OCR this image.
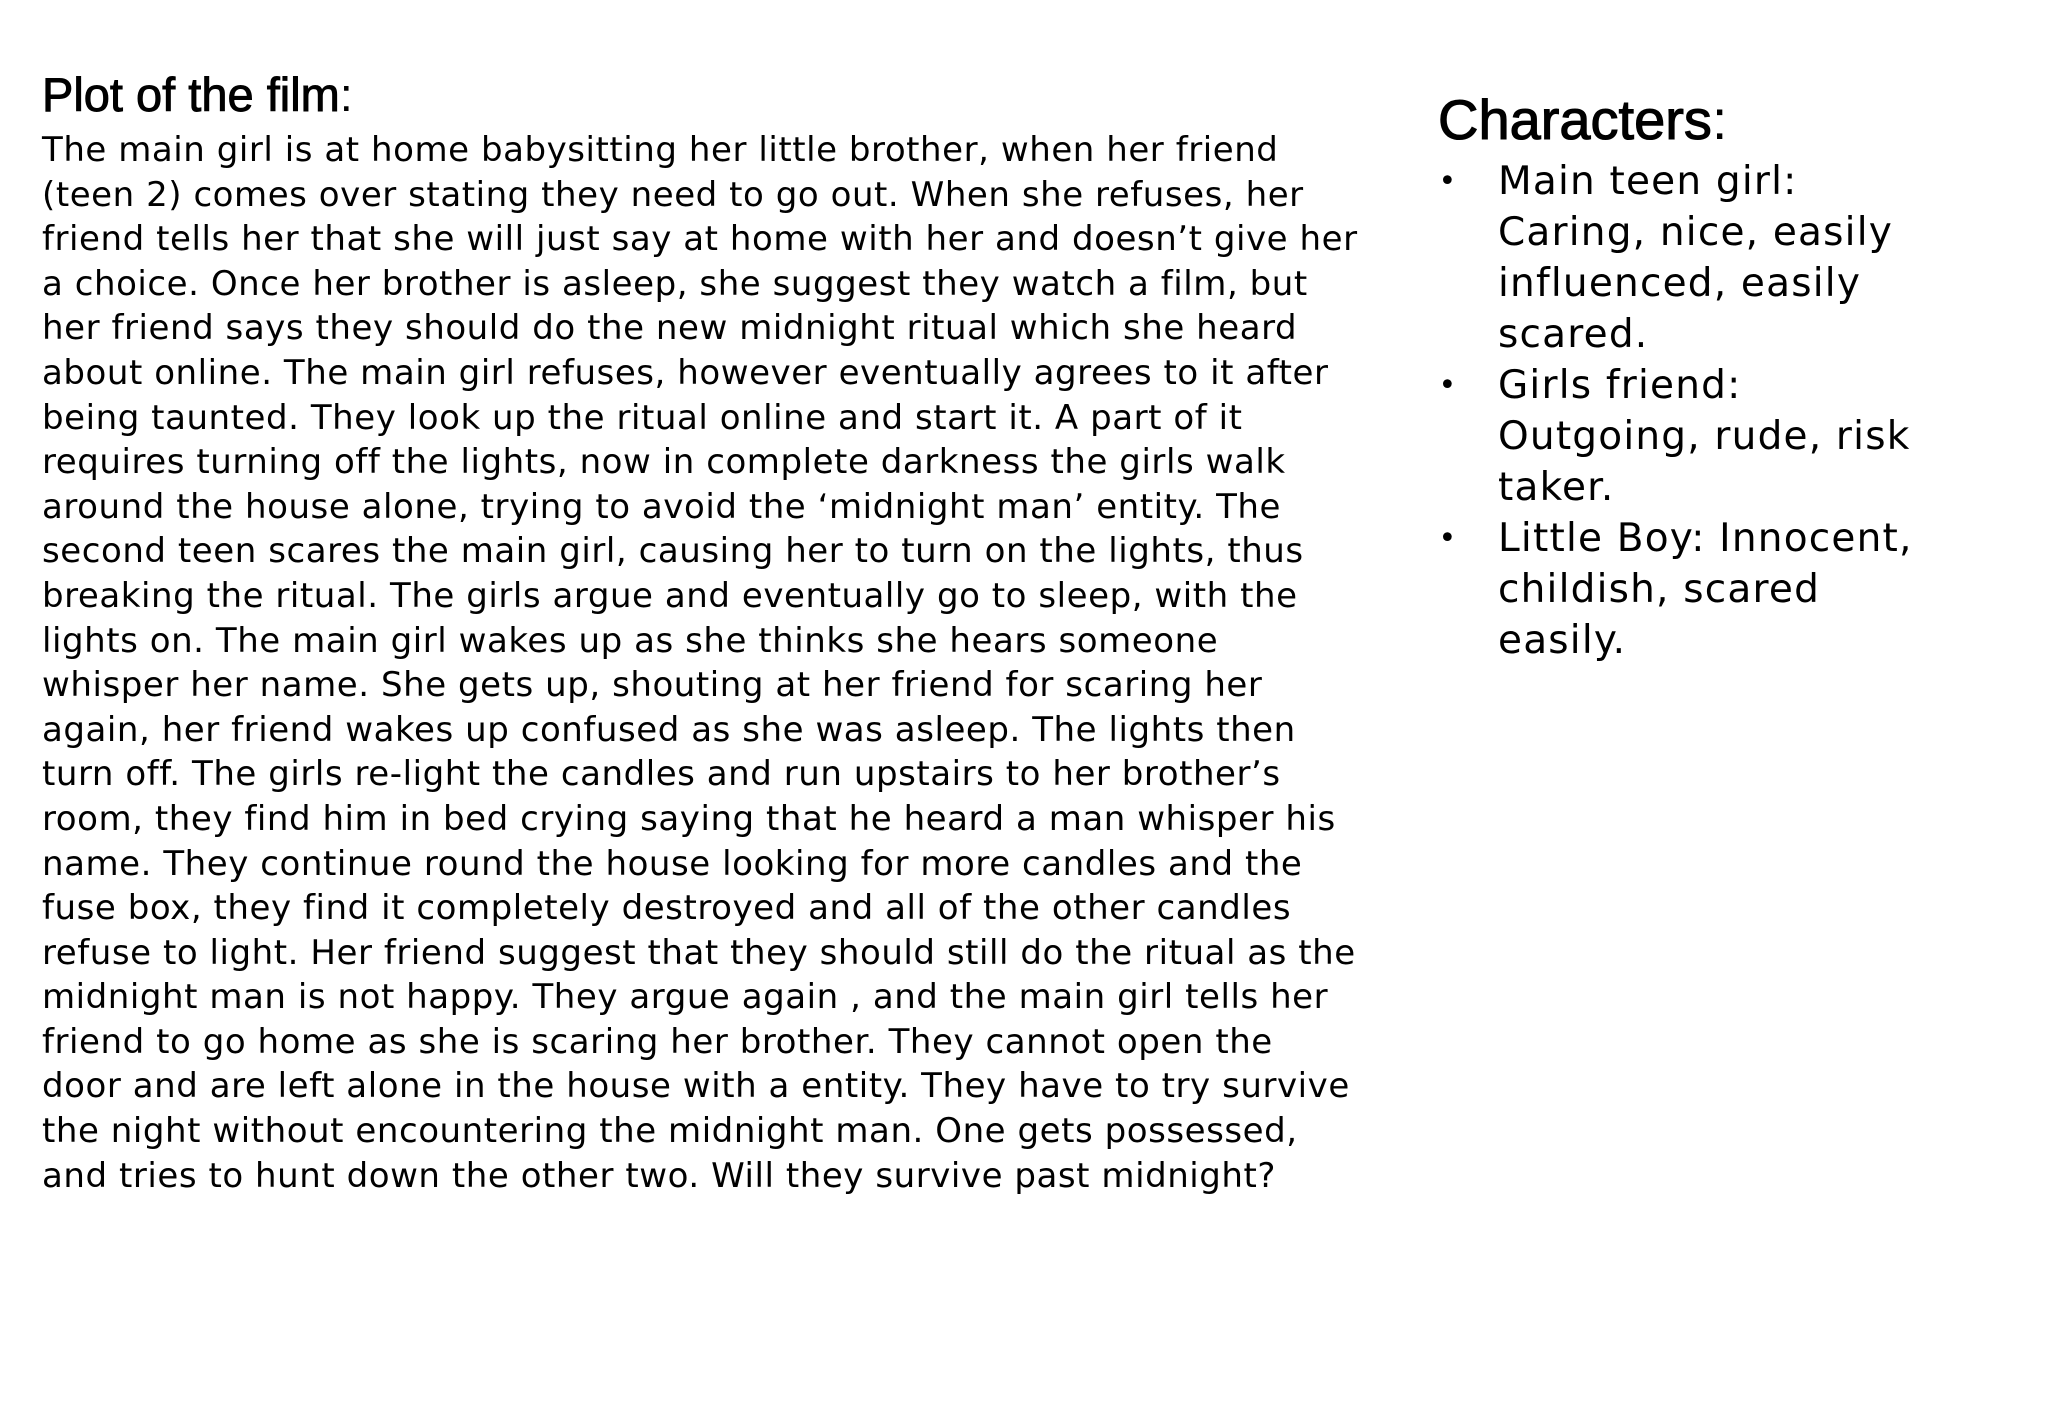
Plot of the film:

The main girl is at home babysitting her little brother, when her friend
(teen 2) comes over stating they need to go out. When she refuses, her
friend tells her that she will just say at home with her and doesn’t give her
a choice. Once her brother is asleep, she suggest they watch a film, but
her friend says they should do the new midnight ritual which she heard
about online. The main girl refuses, however eventually agrees to it after
being taunted. They look up the ritual online and start it. A part of it
requires turning off the lights, now in complete darkness the girls walk
around the house alone, trying to avoid the ‘midnight man’ entity. The
second teen scares the main girl, causing her to turn on the lights, thus
breaking the ritual. The girls argue and eventually go to sleep, with the
lights on. The main girl wakes up as she thinks she hears someone
whisper her name. She gets up, shouting at her friend for scaring her
again, her friend wakes up confused as she was asleep. The lights then
turn off. The girls re-light the candles and run upstairs to her brother’s
room, they find him in bed crying saying that he heard a man whisper his
name. They continue round the house looking for more candles and the
fuse box, they find it completely destroyed and all of the other candles
refuse to light. Her friend suggest that they should still do the ritual as the
midnight man is not happy. They argue again , and the main girl tells her
friend to go home as she is scaring her brother. They cannot open the
door and are left alone in the house with a entity. They have to try survive
the night without encountering the midnight man. One gets possessed,
and tries to hunt down the other two. Will they survive past midnight?

Characters:
• Main teen girl:
Caring, nice, easily
influenced, easily
scared.
• Girls friend:
Outgoing, rude, risk
taker.
• Little Boy: Innocent,
childish, scared
easily.
